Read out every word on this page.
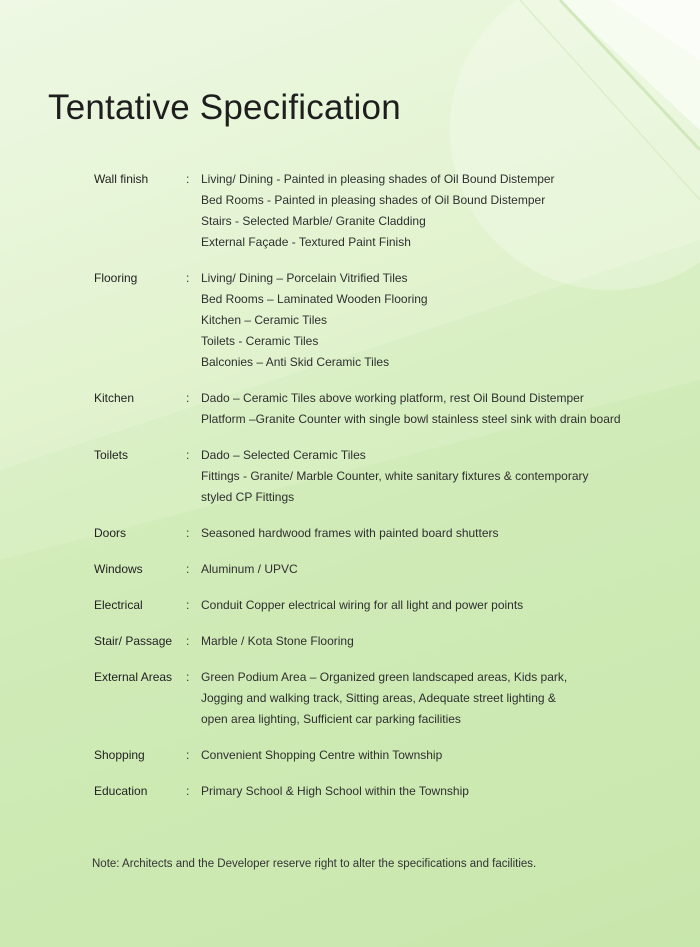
Tentative Specification
Wall finish	: Living/ Dining - Painted in pleasing shades of Oil Bound Distemper
Bed Rooms - Painted in pleasing shades of Oil Bound Distemper
Stairs - Selected Marble/ Granite Cladding
External Façade - Textured Paint Finish
Flooring	: Living/ Dining – Porcelain Vitrified Tiles
Bed Rooms – Laminated Wooden Flooring
Kitchen – Ceramic Tiles
Toilets - Ceramic Tiles
Balconies – Anti Skid Ceramic Tiles
Kitchen	: Dado – Ceramic Tiles above working platform, rest Oil Bound Distemper
Platform –Granite Counter with single bowl stainless steel sink with drain board
Toilets	: Dado – Selected Ceramic Tiles
Fittings - Granite/ Marble Counter, white sanitary fixtures & contemporary
styled CP Fittings
Doors	: Seasoned hardwood frames with painted board shutters
Windows	: Aluminum / UPVC
Electrical	: Conduit Copper electrical wiring for all light and power points
Stair/ Passage	: Marble / Kota Stone Flooring
External Areas	: Green Podium Area – Organized green landscaped areas, Kids park,
Jogging and walking track, Sitting areas, Adequate street lighting &
open area lighting, Sufficient car parking facilities
Shopping	: Convenient Shopping Centre within Township
Education	: Primary School & High School within the Township
Note: Architects and the Developer reserve right to alter the specifications and facilities.
